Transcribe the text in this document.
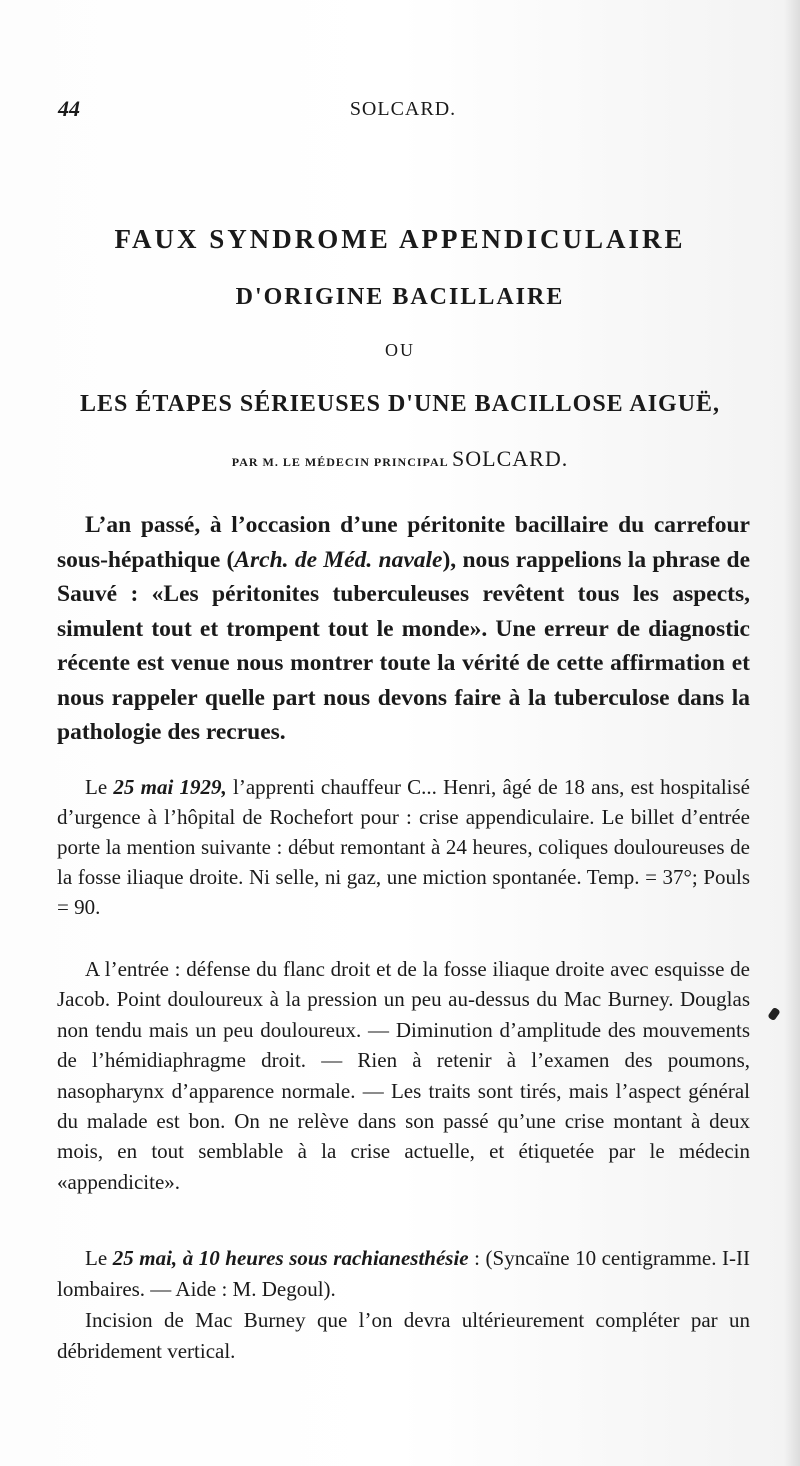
44	SOLCARD.
FAUX SYNDROME APPENDICULAIRE
D'ORIGINE BACILLAIRE
OU
LES ÉTAPES SÉRIEUSES D'UNE BACILLOSE AIGUË,
PAR M. LE MÉDECIN PRINCIPAL SOLCARD.

L’an passé, à l’occasion d’une péritonite bacillaire du carrefour sous-hépathique (Arch. de Méd. navale), nous rappelions la phrase de Sauvé : «Les péritonites tuberculeuses revêtent tous les aspects, simulent tout et trompent tout le monde». Une erreur de diagnostic récente est venue nous montrer toute la vérité de cette affirmation et nous rappeler quelle part nous devons faire à la tuberculose dans la pathologie des recrues.

Le 25 mai 1929, l’apprenti chauffeur C... Henri, âgé de 18 ans, est hospitalisé d’urgence à l’hôpital de Rochefort pour : crise appendiculaire. Le billet d’entrée porte la mention suivante : début remontant à 24 heures, coliques douloureuses de la fosse iliaque droite. Ni selle, ni gaz, une miction spontanée. Temp. = 37°; Pouls = 90.

A l’entrée : défense du flanc droit et de la fosse iliaque droite avec esquisse de Jacob. Point douloureux à la pression un peu au-dessus du Mac Burney. Douglas non tendu mais un peu douloureux. — Diminution d’amplitude des mouvements de l’hémidiaphragme droit. — Rien à retenir à l’examen des poumons, nasopharynx d’apparence normale. — Les traits sont tirés, mais l’aspect général du malade est bon. On ne relève dans son passé qu’une crise montant à deux mois, en tout semblable à la crise actuelle, et étiquetée par le médecin «appendicite».

Le 25 mai, à 10 heures sous rachianesthésie : (Syncaïne 10 centigramme. I-II lombaires. — Aide : M. Degoul).

Incision de Mac Burney que l’on devra ultérieurement compléter par un débridement vertical.
